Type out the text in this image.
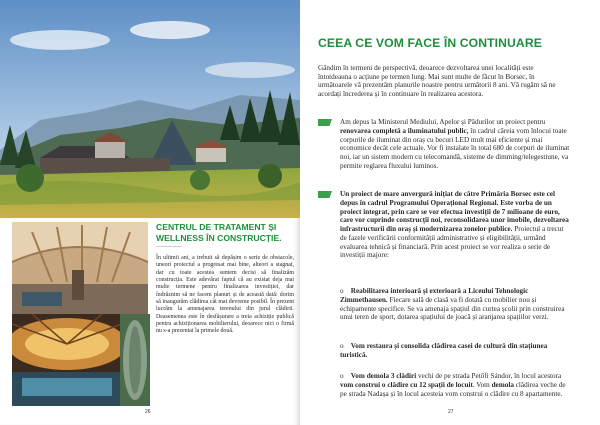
CENTRUL DE TRATAMENT ȘI WELLNESS ÎN CONSTRUCȚIE.
În ultimii ani, a trebuit să depășim o serie de obstacole, uneori proiectul a progresat mai bine, alteori a stagnat, dar cu toate acestea suntem decisi să finalizăm construcția. Este adevărat faptul că au existat deja mai multe termene pentru finalizarea investiției, dar îndrăznim să ne facem planuri și de această dată: dorim să inaugurăm clădirea cât mai devreme posibil. În prezent lucrăm la amenajarea terenului din jurul clădirii. Deasemenea este în desfășurare a treia achiziție publică pentru achiziționarea mobilierului, deoarece nici o firmă nu s-a prezentat la primele două.
26
CEEA CE VOM FACE ÎN CONTINUARE
Gândim în termeni de perspectivă, deoarece dezvoltarea unei localități este întotdeauna o acțiune pe termen lung. Mai sunt multe de făcut în Borsec, în următoarele vă prezentăm planurile noastre pentru următorii 8 ani. Vă rugăm să ne acordați încrederea și în continuare în realizarea acestora.
Am depus la Ministerul Mediului, Apelor și Pădurilor un proiect pentru renovarea completă a iluminatului public, în cadrul căreia vom înlocui toate corpurile de iluminat din oraș cu becuri LED mult mai eficiente și mai economice decât cele actuale. Vor fi instalate în total 680 de corpuri de iluminat noi, iar un sistem modern cu telecomandă, sisteme de dimming/telegestiune, va permite reglarea fluxului luminos.
Un proiect de mare anvergură inițiat de către Primăria Borsec este cel depus în cadrul Programului Operațional Regional. Este vorba de un proiect integrat, prin care se vor efectua investiții de 7 milioane de euro, care vor cuprinde construcții noi, reconsolidarea unor imobile, dezvoltarea infrastructurii din oraș și modernizarea zonelor publice. Proiectul a trecut de fazele verificării conformității administrative și eligibilității, urmând evaluarea tehnică și financiară. Prin acest proiect se vor realiza o serie de investiții majore:
o Reabilitarea interioară și exterioară a Liceului Tehnologic Zimmethausen. Fiecare sală de clasă va fi dotată cu mobilier nou și echipamente specifice. Se va amenaja spațiul din curtea școlii prin construirea unui teren de sport, dotarea spațiului de joacă și aranjarea spațiilor verzi.
o Vom restaura și consolida clădirea casei de cultură din stațiunea turistică.
o Vom demola 3 clădiri vechi de pe strada Petőfi Sándor, în locul acestora vom construi o clădire cu 12 spații de locuit. Vom demola clădirea veche de pe strada Nadașa și în locul acesteia vom construi o clădire cu 8 apartamente.
27
